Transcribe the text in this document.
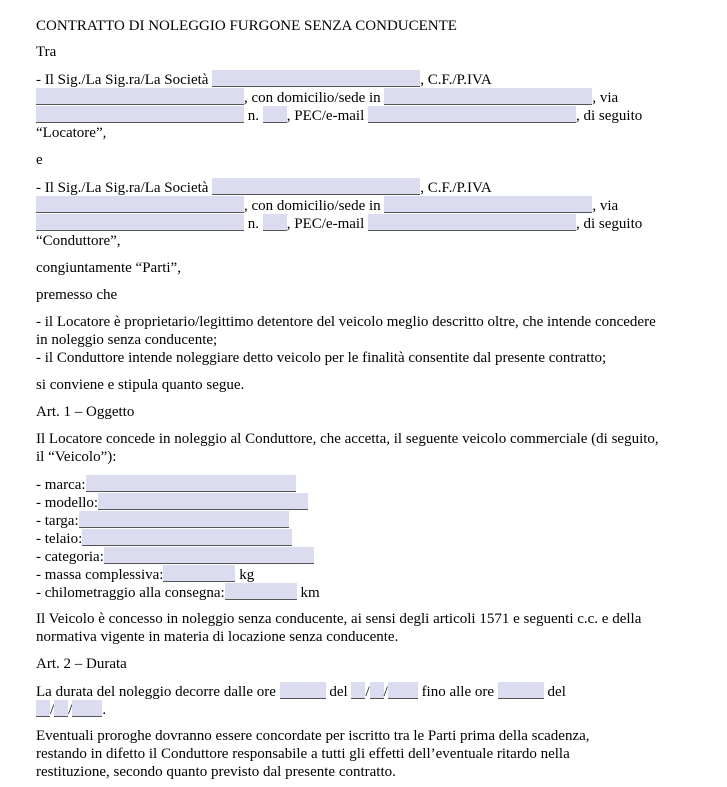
CONTRATTO DI NOLEGGIO FURGONE SENZA CONDUCENTE
Tra
- Il Sig./La Sig.ra/La Società	, C.F./P.IVA
, con domicilio/sede in	, via
n. , PEC/e-mail	, di seguito
“Locatore”,
e
- Il Sig./La Sig.ra/La Società	, C.F./P.IVA
, con domicilio/sede in	, via
n. , PEC/e-mail	, di seguito
“Conduttore”,
congiuntamente “Parti”,
premesso che
- il Locatore è proprietario/legittimo detentore del veicolo meglio descritto oltre, che intende concedere in noleggio senza conducente;
- il Conduttore intende noleggiare detto veicolo per le finalità consentite dal presente contratto;
si conviene e stipula quanto segue.
Art. 1 – Oggetto
Il Locatore concede in noleggio al Conduttore, che accetta, il seguente veicolo commerciale (di seguito, il “Veicolo”):
- marca:
- modello:
- targa:
- telaio:
- categoria:
- massa complessiva:	kg
- chilometraggio alla consegna:	km
Il Veicolo è concesso in noleggio senza conducente, ai sensi degli articoli 1571 e seguenti c.c. e della normativa vigente in materia di locazione senza conducente.
Art. 2 – Durata
La durata del noleggio decorre dalle ore	del / / fino alle ore	del
/ / .
Eventuali proroghe dovranno essere concordate per iscritto tra le Parti prima della scadenza, restando in difetto il Conduttore responsabile a tutti gli effetti dell’eventuale ritardo nella restituzione, secondo quanto previsto dal presente contratto.
